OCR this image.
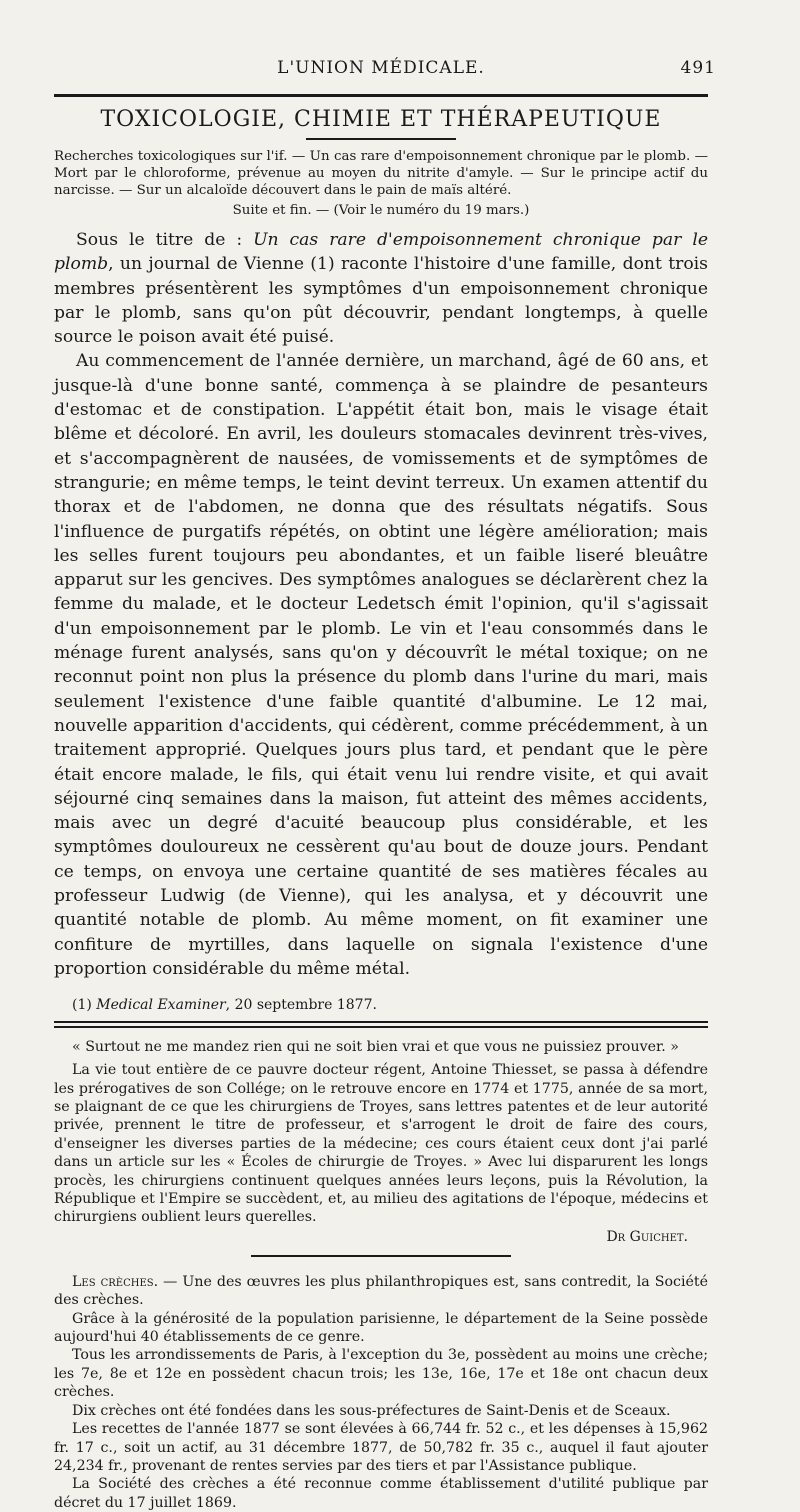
L'UNION MÉDICALE.	491
TOXICOLOGIE, CHIMIE ET THÉRAPEUTIQUE

Recherches toxicologiques sur l'if. — Un cas rare d'empoisonnement chronique par le plomb. — Mort par le chloroforme, prévenue au moyen du nitrite d'amyle. — Sur le principe actif du narcisse. — Sur un alcaloïde découvert dans le pain de maïs altéré.

Suite et fin. — (Voir le numéro du 19 mars.)

Sous le titre de : Un cas rare d'empoisonnement chronique par le plomb, un journal de Vienne (1) raconte l'histoire d'une famille, dont trois membres présentèrent les symptômes d'un empoisonnement chronique par le plomb, sans qu'on pût découvrir, pendant longtemps, à quelle source le poison avait été puisé.

Au commencement de l'année dernière, un marchand, âgé de 60 ans, et jusque-là d'une bonne santé, commença à se plaindre de pesanteurs d'estomac et de constipation. L'appétit était bon, mais le visage était blême et décoloré. En avril, les douleurs stomacales devinrent très-vives, et s'accompagnèrent de nausées, de vomissements et de symptômes de strangurie; en même temps, le teint devint terreux. Un examen attentif du thorax et de l'abdomen, ne donna que des résultats négatifs. Sous l'influence de purgatifs répétés, on obtint une légère amélioration; mais les selles furent toujours peu abondantes, et un faible liseré bleuâtre apparut sur les gencives. Des symptômes analogues se déclarèrent chez la femme du malade, et le docteur Ledetsch émit l'opinion, qu'il s'agissait d'un empoisonnement par le plomb. Le vin et l'eau consommés dans le ménage furent analysés, sans qu'on y découvrît le métal toxique; on ne reconnut point non plus la présence du plomb dans l'urine du mari, mais seulement l'existence d'une faible quantité d'albumine. Le 12 mai, nouvelle apparition d'accidents, qui cédèrent, comme précédemment, à un traitement approprié. Quelques jours plus tard, et pendant que le père était encore malade, le fils, qui était venu lui rendre visite, et qui avait séjourné cinq semaines dans la maison, fut atteint des mêmes accidents, mais avec un degré d'acuité beaucoup plus considérable, et les symptômes douloureux ne cessèrent qu'au bout de douze jours. Pendant ce temps, on envoya une certaine quantité de ses matières fécales au professeur Ludwig (de Vienne), qui les analysa, et y découvrit une quantité notable de plomb. Au même moment, on fit examiner une confiture de myrtilles, dans laquelle on signala l'existence d'une proportion considérable du même métal.

(1) Medical Examiner, 20 septembre 1877.
« Surtout ne me mandez rien qui ne soit bien vrai et que vous ne puissiez prouver. »

La vie tout entière de ce pauvre docteur régent, Antoine Thiesset, se passa à défendre les prérogatives de son Collége; on le retrouve encore en 1774 et 1775, année de sa mort, se plaignant de ce que les chirurgiens de Troyes, sans lettres patentes et de leur autorité privée, prennent le titre de professeur, et s'arrogent le droit de faire des cours, d'enseigner les diverses parties de la médecine; ces cours étaient ceux dont j'ai parlé dans un article sur les « Écoles de chirurgie de Troyes. » Avec lui disparurent les longs procès, les chirurgiens continuent quelques années leurs leçons, puis la Révolution, la République et l'Empire se succèdent, et, au milieu des agitations de l'époque, médecins et chirurgiens oublient leurs querelles.

Dr Guichet.

Les crèches. — Une des œuvres les plus philanthropiques est, sans contredit, la Société des crèches.

Grâce à la générosité de la population parisienne, le département de la Seine possède aujourd'hui 40 établissements de ce genre.

Tous les arrondissements de Paris, à l'exception du 3e, possèdent au moins une crèche; les 7e, 8e et 12e en possèdent chacun trois; les 13e, 16e, 17e et 18e ont chacun deux crèches.

Dix crèches ont été fondées dans les sous-préfectures de Saint-Denis et de Sceaux.

Les recettes de l'année 1877 se sont élevées à 66,744 fr. 52 c., et les dépenses à 15,962 fr. 17 c., soit un actif, au 31 décembre 1877, de 50,782 fr. 35 c., auquel il faut ajouter 24,234 fr., provenant de rentes servies par des tiers et par l'Assistance publique.

La Société des crèches a été reconnue comme établissement d'utilité publique par décret du 17 juillet 1869.
